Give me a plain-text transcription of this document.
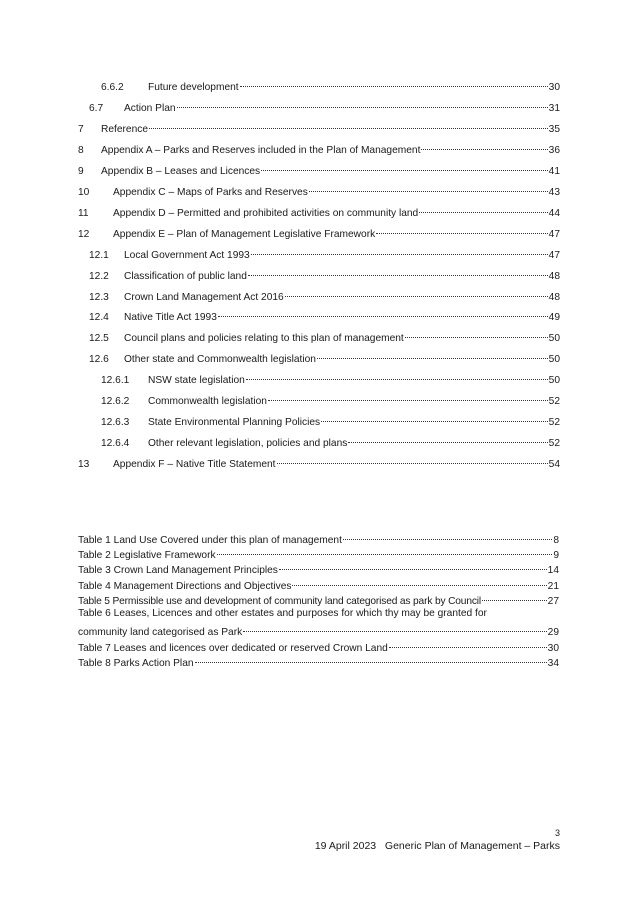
6.6.2	Future development	30
6.7	Action Plan	31
7	Reference	35
8	Appendix A – Parks and Reserves included in the Plan of Management	36
9	Appendix B – Leases and Licences	41
10	Appendix C – Maps of Parks and Reserves	43
11	Appendix D – Permitted and prohibited activities on community land	44
12	Appendix E – Plan of Management Legislative Framework	47
12.1	Local Government Act 1993	47
12.2	Classification of public land	48
12.3	Crown Land Management Act 2016	48
12.4	Native Title Act 1993	49
12.5	Council plans and policies relating to this plan of management	50
12.6	Other state and Commonwealth legislation	50
12.6.1	NSW state legislation	50
12.6.2	Commonwealth legislation	52
12.6.3	State Environmental Planning Policies	52
12.6.4	Other relevant legislation, policies and plans	52
13	Appendix F – Native Title Statement	54
Table 1 Land Use Covered under this plan of management	8
Table 2 Legislative Framework	9
Table 3 Crown Land Management Principles	14
Table 4 Management Directions and Objectives	21
Table 5 Permissible use and development of community land categorised as park by Council	27
Table 6 Leases, Licences and other estates and purposes for which thy may be granted for
community land categorised as Park	29
Table 7 Leases and licences over dedicated or reserved Crown Land	30
Table 8 Parks Action Plan	34
3
19 April 2023 Generic Plan of Management – Parks
